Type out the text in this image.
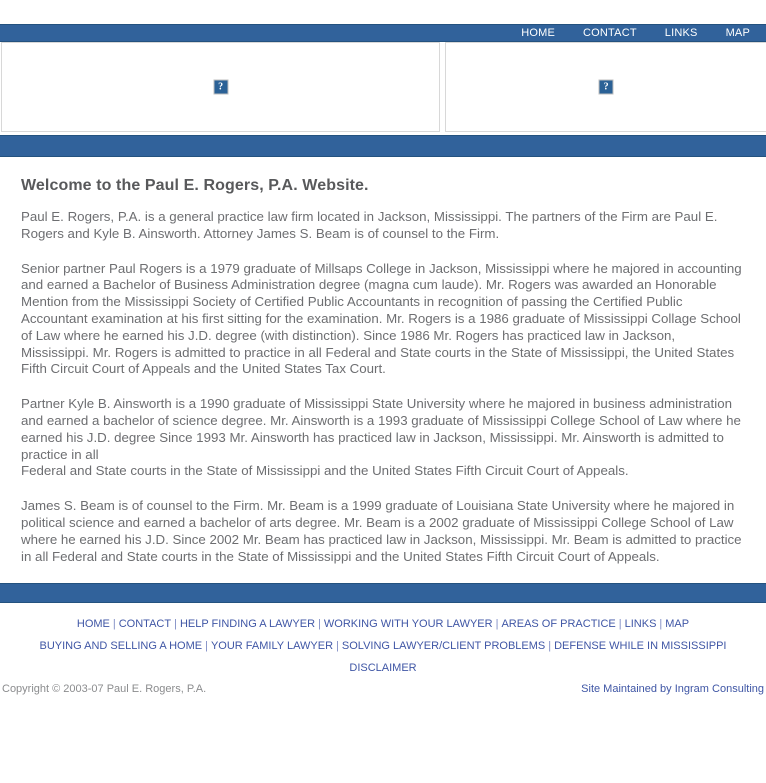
HOME	CONTACT	LINKS	MAP
?	?
Welcome to the Paul E. Rogers, P.A. Website.

Paul E. Rogers, P.A. is a general practice law firm located in Jackson, Mississippi. The partners of the Firm are Paul E. Rogers and Kyle B. Ainsworth. Attorney James S. Beam is of counsel to the Firm.

Senior partner Paul Rogers is a 1979 graduate of Millsaps College in Jackson, Mississippi where he majored in accounting and earned a Bachelor of Business Administration degree (magna cum laude). Mr. Rogers was awarded an Honorable Mention from the Mississippi Society of Certified Public Accountants in recognition of passing the Certified Public Accountant examination at his first sitting for the examination. Mr. Rogers is a 1986 graduate of Mississippi Collage School of Law where he earned his J.D. degree (with distinction). Since 1986 Mr. Rogers has practiced law in Jackson, Mississippi. Mr. Rogers is admitted to practice in all Federal and State courts in the State of Mississippi, the United States Fifth Circuit Court of Appeals and the United States Tax Court.

Partner Kyle B. Ainsworth is a 1990 graduate of Mississippi State University where he majored in business administration and earned a bachelor of science degree. Mr. Ainsworth is a 1993 graduate of Mississippi College School of Law where he earned his J.D. degree Since 1993 Mr. Ainsworth has practiced law in Jackson, Mississippi. Mr. Ainsworth is admitted to practice in all
Federal and State courts in the State of Mississippi and the United States Fifth Circuit Court of Appeals.

James S. Beam is of counsel to the Firm. Mr. Beam is a 1999 graduate of Louisiana State University where he majored in political science and earned a bachelor of arts degree. Mr. Beam is a 2002 graduate of Mississippi College School of Law where he earned his J.D. Since 2002 Mr. Beam has practiced law in Jackson, Mississippi. Mr. Beam is admitted to practice in all Federal and State courts in the State of Mississippi and the United States Fifth Circuit Court of Appeals.

HOME | CONTACT | HELP FINDING A LAWYER | WORKING WITH YOUR LAWYER | AREAS OF PRACTICE | LINKS | MAP
BUYING AND SELLING A HOME | YOUR FAMILY LAWYER | SOLVING LAWYER/CLIENT PROBLEMS | DEFENSE WHILE IN MISSISSIPPI
DISCLAIMER
Copyright © 2003-07 Paul E. Rogers, P.A.	Site Maintained by Ingram Consulting
